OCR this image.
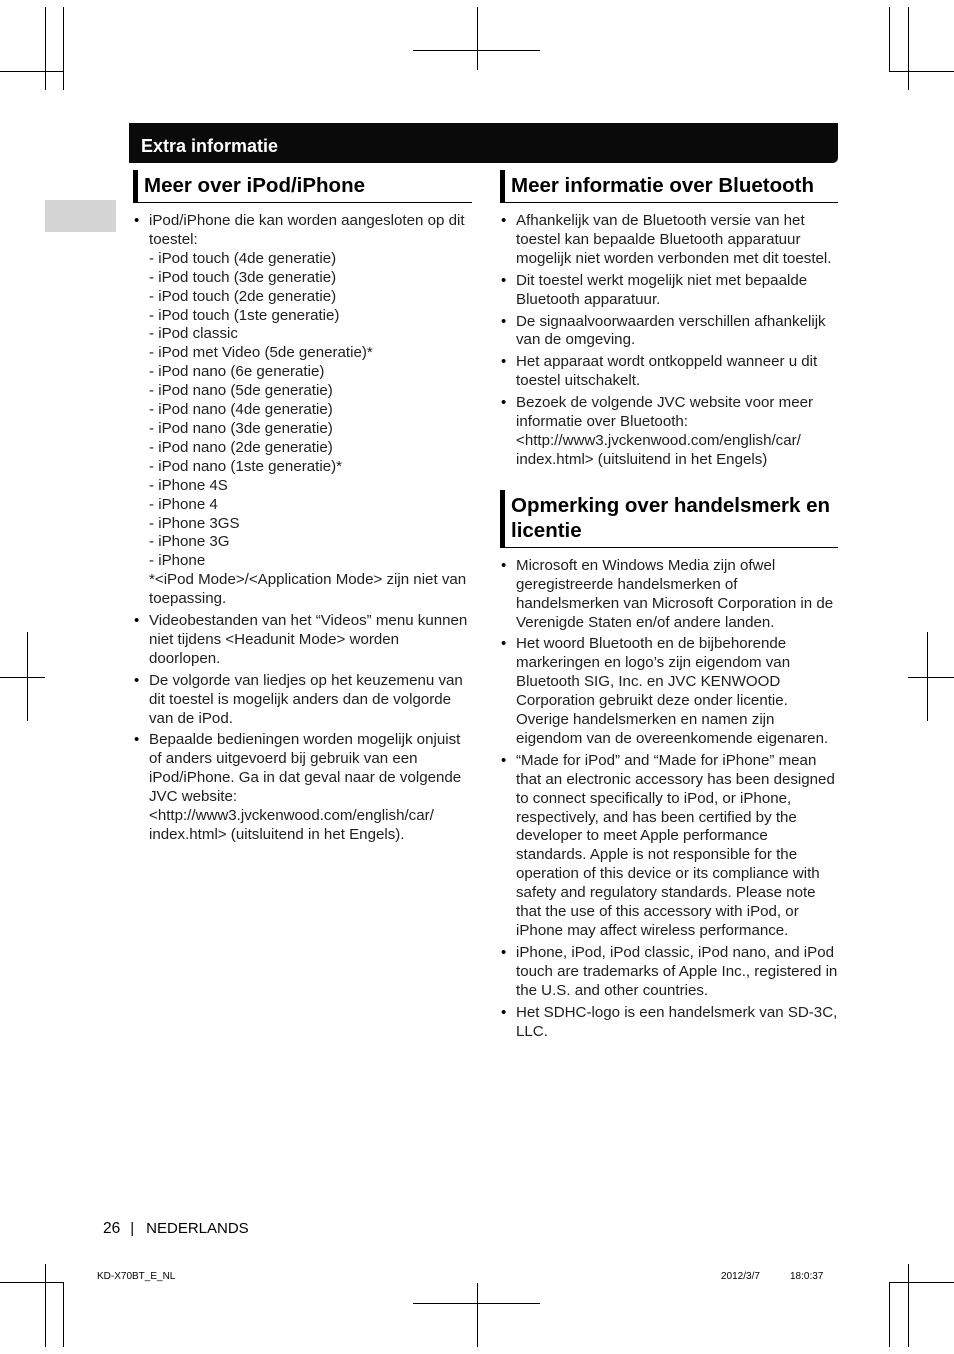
Extra informatie
Meer over iPod/iPhone
• iPod/iPhone die kan worden aangesloten op dit toestel:
- iPod touch (4de generatie)
- iPod touch (3de generatie)
- iPod touch (2de generatie)
- iPod touch (1ste generatie)
- iPod classic
- iPod met Video (5de generatie)*
- iPod nano (6e generatie)
- iPod nano (5de generatie)
- iPod nano (4de generatie)
- iPod nano (3de generatie)
- iPod nano (2de generatie)
- iPod nano (1ste generatie)*
- iPhone 4S
- iPhone 4
- iPhone 3GS
- iPhone 3G
- iPhone
*<iPod Mode>/<Application Mode> zijn niet van toepassing.
• Videobestanden van het “Videos” menu kunnen niet tijdens <Headunit Mode> worden doorlopen.
• De volgorde van liedjes op het keuzemenu van dit toestel is mogelijk anders dan de volgorde van de iPod.
• Bepaalde bedieningen worden mogelijk onjuist of anders uitgevoerd bij gebruik van een iPod/iPhone. Ga in dat geval naar de volgende JVC website:
<http://www3.jvckenwood.com/english/car/
index.html> (uitsluitend in het Engels).
Meer informatie over Bluetooth
• Afhankelijk van de Bluetooth versie van het toestel kan bepaalde Bluetooth apparatuur mogelijk niet worden verbonden met dit toestel.
• Dit toestel werkt mogelijk niet met bepaalde Bluetooth apparatuur.
• De signaalvoorwaarden verschillen afhankelijk van de omgeving.
• Het apparaat wordt ontkoppeld wanneer u dit toestel uitschakelt.
• Bezoek de volgende JVC website voor meer informatie over Bluetooth:
<http://www3.jvckenwood.com/english/car/
index.html> (uitsluitend in het Engels)
Opmerking over handelsmerk en licentie
• Microsoft en Windows Media zijn ofwel geregistreerde handelsmerken of handelsmerken van Microsoft Corporation in de Verenigde Staten en/of andere landen.
• Het woord Bluetooth en de bijbehorende markeringen en logo’s zijn eigendom van Bluetooth SIG, Inc. en JVC KENWOOD Corporation gebruikt deze onder licentie. Overige handelsmerken en namen zijn eigendom van de overeenkomende eigenaren.
• “Made for iPod” and “Made for iPhone” mean that an electronic accessory has been designed to connect specifically to iPod, or iPhone, respectively, and has been certified by the developer to meet Apple performance standards. Apple is not responsible for the operation of this device or its compliance with safety and regulatory standards. Please note that the use of this accessory with iPod, or iPhone may affect wireless performance.
• iPhone, iPod, iPod classic, iPod nano, and iPod touch are trademarks of Apple Inc., registered in the U.S. and other countries.
• Het SDHC-logo is een handelsmerk van SD-3C, LLC.
26 | NEDERLANDS
KD-X70BT_E_NL	2012/3/7	18:0:37
